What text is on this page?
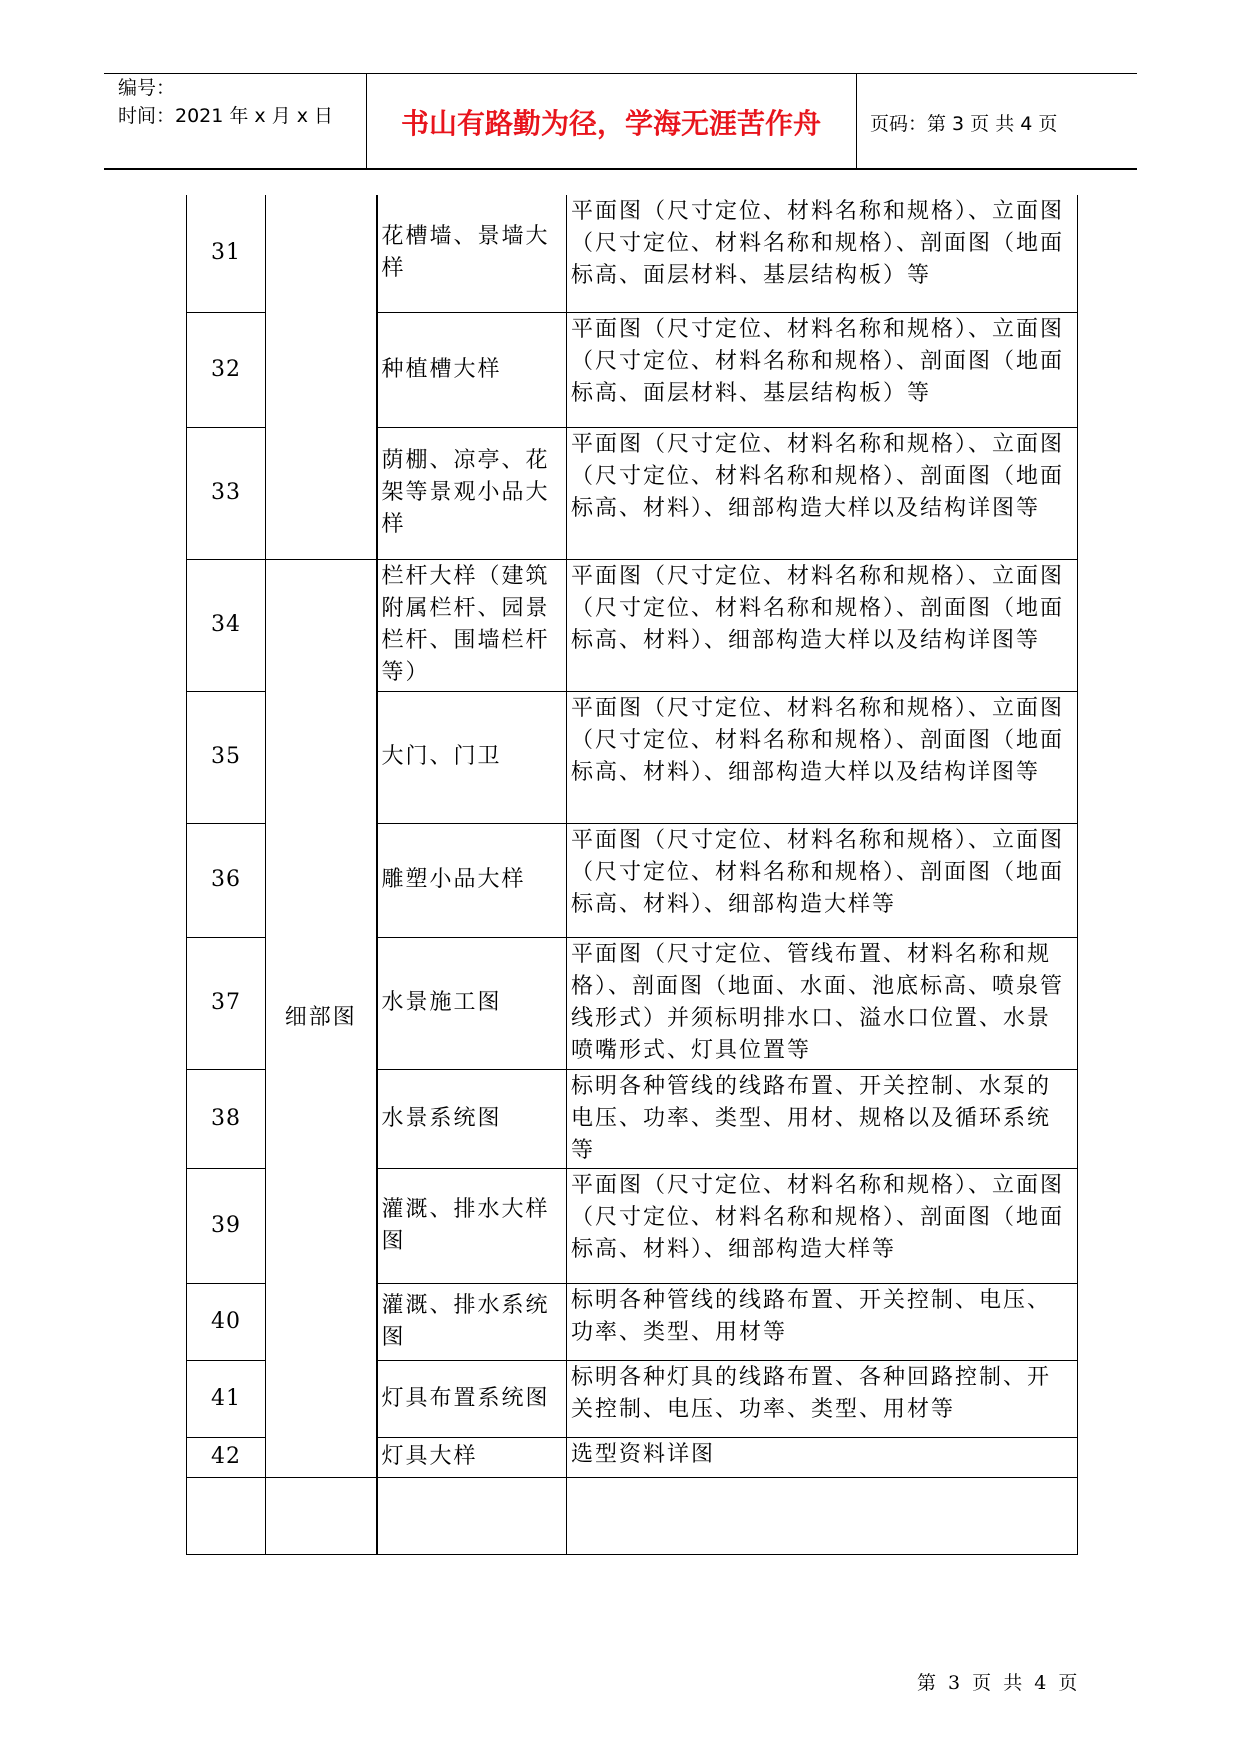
编号：
时间：2021 年 x 月 x 日	书山有路勤为径，学海无涯苦作舟	页码：第 3 页 共 4 页
31		花槽墙、景墙大样	平面图（尺寸定位、材料名称和规格）、立面图（尺寸定位、材料名称和规格）、剖面图（地面标高、面层材料、基层结构板）等
32		种植槽大样	平面图（尺寸定位、材料名称和规格）、立面图（尺寸定位、材料名称和规格）、剖面图（地面标高、面层材料、基层结构板）等
33		荫棚、凉亭、花架等景观小品大样	平面图（尺寸定位、材料名称和规格）、立面图（尺寸定位、材料名称和规格）、剖面图（地面标高、材料）、细部构造大样以及结构详图等
34	细部图	栏杆大样（建筑附属栏杆、园景栏杆、围墙栏杆等）	平面图（尺寸定位、材料名称和规格）、立面图（尺寸定位、材料名称和规格）、剖面图（地面标高、材料）、细部构造大样以及结构详图等
35		大门、门卫	平面图（尺寸定位、材料名称和规格）、立面图（尺寸定位、材料名称和规格）、剖面图（地面标高、材料）、细部构造大样以及结构详图等
36		雕塑小品大样	平面图（尺寸定位、材料名称和规格）、立面图（尺寸定位、材料名称和规格）、剖面图（地面标高、材料）、细部构造大样等
37		水景施工图	平面图（尺寸定位、管线布置、材料名称和规格）、剖面图（地面、水面、池底标高、喷泉管线形式）并须标明排水口、溢水口位置、水景喷嘴形式、灯具位置等
38		水景系统图	标明各种管线的线路布置、开关控制、水泵的电压、功率、类型、用材、规格以及循环系统等
39		灌溉、排水大样图	平面图（尺寸定位、材料名称和规格）、立面图（尺寸定位、材料名称和规格）、剖面图（地面标高、材料）、细部构造大样等
40		灌溉、排水系统图	标明各种管线的线路布置、开关控制、电压、功率、类型、用材等
41		灯具布置系统图	标明各种灯具的线路布置、各种回路控制、开关控制、电压、功率、类型、用材等
42		灯具大样	选型资料详图

第 3 页 共 4 页
